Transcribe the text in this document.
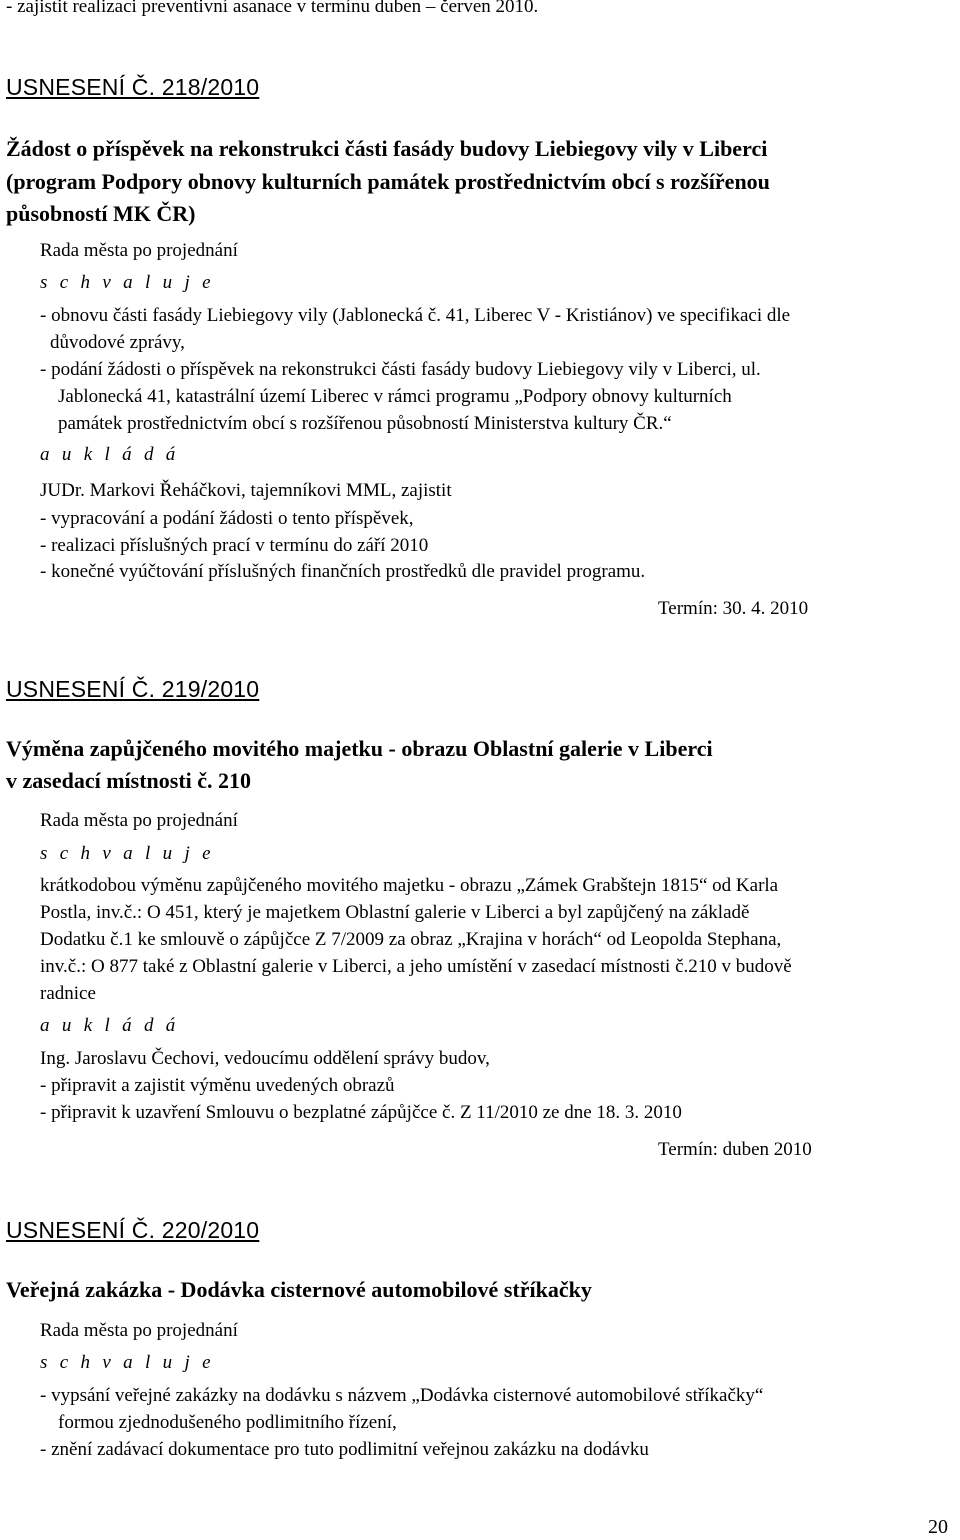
- zajistit realizaci preventivní asanace v termínu duben – červen 2010.
USNESENÍ Č. 218/2010
Žádost o příspěvek na rekonstrukci části fasády budovy Liebiegovy vily v Liberci
(program Podpory obnovy kulturních památek prostřednictvím obcí s rozšířenou
působností MK ČR)
Rada města po projednání
s c h v a l u j e
- obnovu části fasády Liebiegovy vily (Jablonecká č. 41, Liberec V - Kristiánov) ve specifikaci dle
důvodové zprávy,
- podání žádosti o příspěvek na rekonstrukci části fasády budovy Liebiegovy vily v Liberci, ul.
Jablonecká 41, katastrální území Liberec v rámci programu „Podpory obnovy kulturních
památek prostřednictvím obcí s rozšířenou působností Ministerstva kultury ČR.“
a u k l á d á
JUDr. Markovi Řeháčkovi, tajemníkovi MML, zajistit
- vypracování a podání žádosti o tento příspěvek,
- realizaci příslušných prací v termínu do září 2010
- konečné vyúčtování příslušných finančních prostředků dle pravidel programu.
Termín: 30. 4. 2010
USNESENÍ Č. 219/2010
Výměna zapůjčeného movitého majetku - obrazu Oblastní galerie v Liberci
v zasedací místnosti č. 210
Rada města po projednání
s c h v a l u j e
krátkodobou výměnu zapůjčeného movitého majetku - obrazu „Zámek Grabštejn 1815“ od Karla
Postla, inv.č.: O 451, který je majetkem Oblastní galerie v Liberci a byl zapůjčený na základě
Dodatku č.1 ke smlouvě o zápůjčce Z 7/2009 za obraz „Krajina v horách“ od Leopolda Stephana,
inv.č.: O 877 také z Oblastní galerie v Liberci, a jeho umístění v zasedací místnosti č.210 v budově
radnice
a u k l á d á
Ing. Jaroslavu Čechovi, vedoucímu oddělení správy budov,
- připravit a zajistit výměnu uvedených obrazů
- připravit k uzavření Smlouvu o bezplatné zápůjčce č. Z 11/2010 ze dne 18. 3. 2010
Termín: duben 2010
USNESENÍ Č. 220/2010
Veřejná zakázka - Dodávka cisternové automobilové stříkačky
Rada města po projednání
s c h v a l u j e
- vypsání veřejné zakázky na dodávku s názvem „Dodávka cisternové automobilové stříkačky“
formou zjednodušeného podlimitního řízení,
- znění zadávací dokumentace pro tuto podlimitní veřejnou zakázku na dodávku
20
